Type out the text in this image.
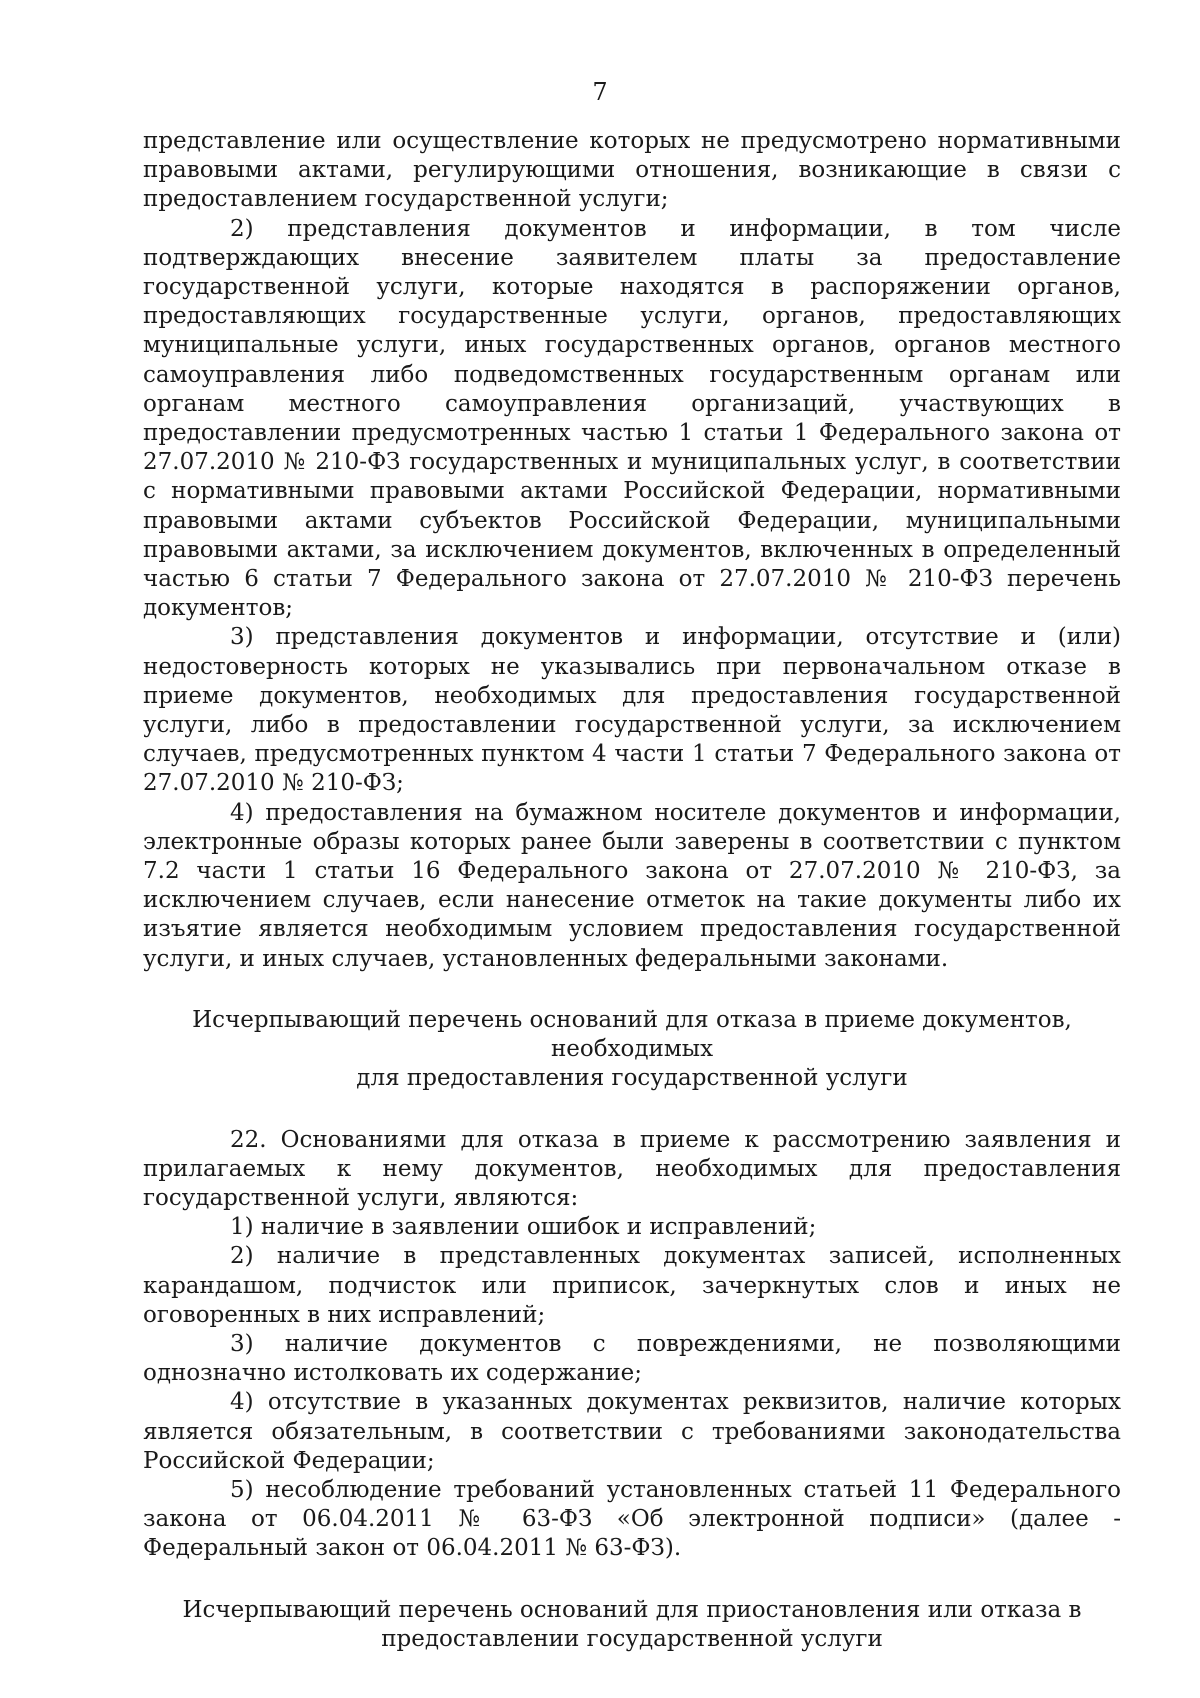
7

представление или осуществление которых не предусмотрено нормативными правовыми актами, регулирующими отношения, возникающие в связи с предоставлением государственной услуги;

2) представления документов и информации, в том числе подтверждающих внесение заявителем платы за предоставление государственной услуги, которые находятся в распоряжении органов, предоставляющих государственные услуги, органов, предоставляющих муниципальные услуги, иных государственных органов, органов местного самоуправления либо подведомственных государственным органам или органам местного самоуправления организаций, участвующих в предоставлении предусмотренных частью 1 статьи 1 Федерального закона от 27.07.2010 № 210-ФЗ государственных и муниципальных услуг, в соответствии с нормативными правовыми актами Российской Федерации, нормативными правовыми актами субъектов Российской Федерации, муниципальными правовыми актами, за исключением документов, включенных в определенный частью 6 статьи 7 Федерального закона от 27.07.2010 № 210-ФЗ перечень документов;

3) представления документов и информации, отсутствие и (или) недостоверность которых не указывались при первоначальном отказе в приеме документов, необходимых для предоставления государственной услуги, либо в предоставлении государственной услуги, за исключением случаев, предусмотренных пунктом 4 части 1 статьи 7 Федерального закона от 27.07.2010 № 210-ФЗ;

4) предоставления на бумажном носителе документов и информации, электронные образы которых ранее были заверены в соответствии с пунктом 7.2 части 1 статьи 16 Федерального закона от 27.07.2010 № 210-ФЗ, за исключением случаев, если нанесение отметок на такие документы либо их изъятие является необходимым условием предоставления государственной услуги, и иных случаев, установленных федеральными законами.

Исчерпывающий перечень оснований для отказа в приеме документов, необходимых
для предоставления государственной услуги

22. Основаниями для отказа в приеме к рассмотрению заявления и прилагаемых к нему документов, необходимых для предоставления государственной услуги, являются:

1) наличие в заявлении ошибок и исправлений;

2) наличие в представленных документах записей, исполненных карандашом, подчисток или приписок, зачеркнутых слов и иных не оговоренных в них исправлений;

3) наличие документов с повреждениями, не позволяющими однозначно истолковать их содержание;

4) отсутствие в указанных документах реквизитов, наличие которых является обязательным, в соответствии с требованиями законодательства Российской Федерации;

5) несоблюдение требований установленных статьей 11 Федерального закона от 06.04.2011 № 63-ФЗ «Об электронной подписи» (далее - Федеральный закон от 06.04.2011 № 63-ФЗ).

Исчерпывающий перечень оснований для приостановления или отказа в
предоставлении государственной услуги
